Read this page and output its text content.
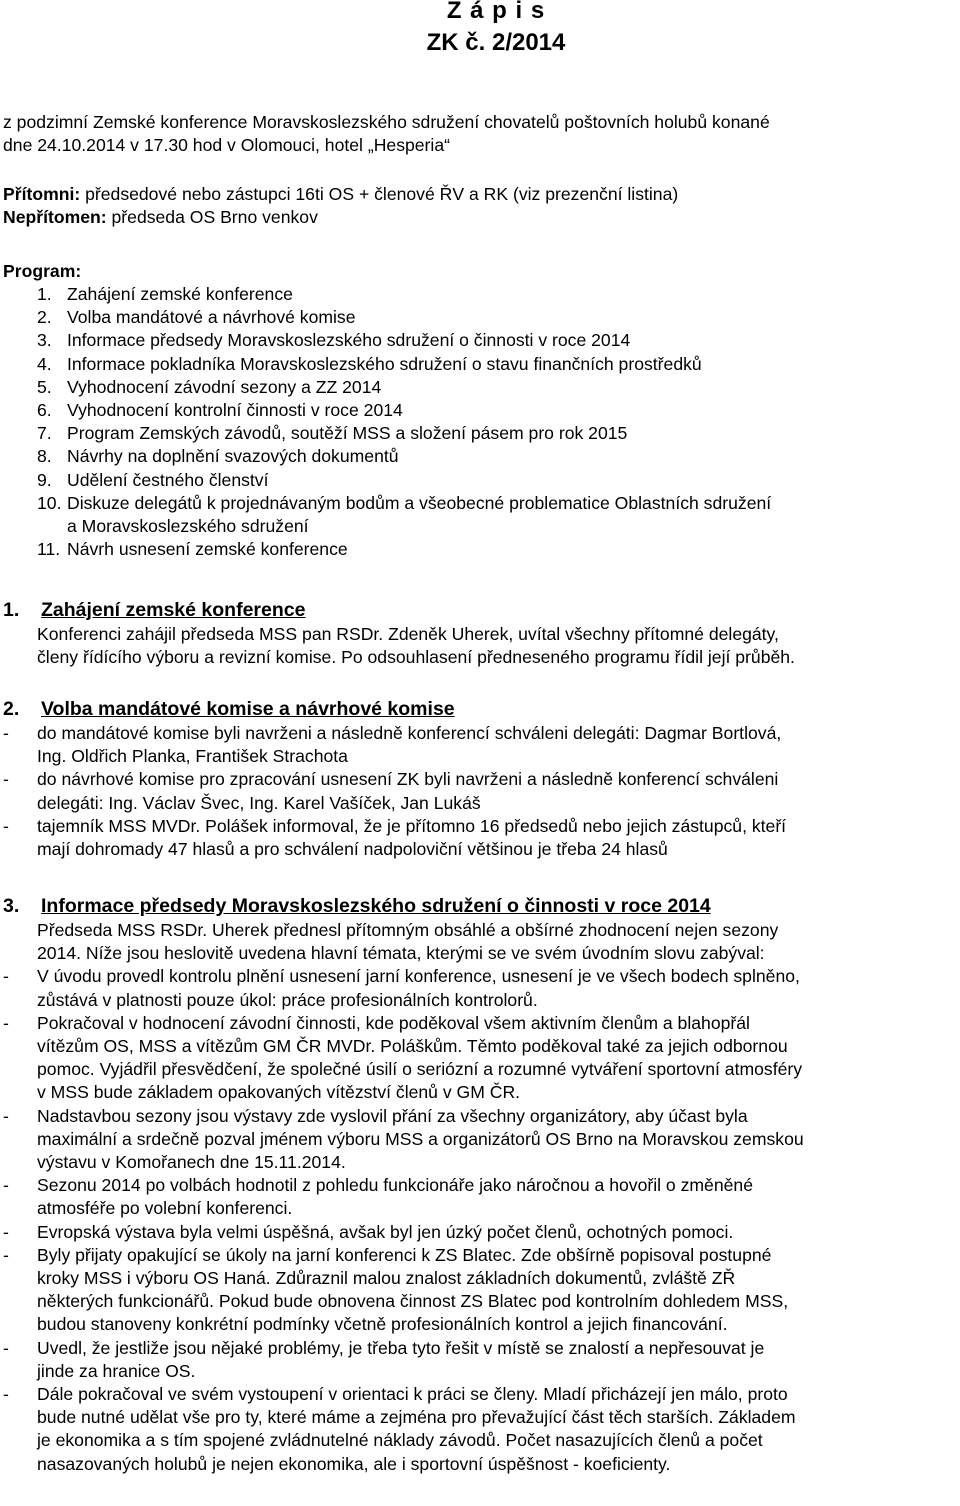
Z á p i s
ZK č. 2/2014
z podzimní Zemské konference Moravskoslezského sdružení chovatelů poštovních holubů konané
dne 24.10.2014 v 17.30 hod v Olomouci, hotel „Hesperia“
Přítomni: předsedové nebo zástupci 16ti OS + členové ŘV a RK (viz prezenční listina)
Nepřítomen: předseda OS Brno venkov
Program:
1. Zahájení zemské konference
2. Volba mandátové a návrhové komise
3. Informace předsedy Moravskoslezského sdružení o činnosti v roce 2014
4. Informace pokladníka Moravskoslezského sdružení o stavu finančních prostředků
5. Vyhodnocení závodní sezony a ZZ 2014
6. Vyhodnocení kontrolní činnosti v roce 2014
7. Program Zemských závodů, soutěží MSS a složení pásem pro rok 2015
8. Návrhy na doplnění svazových dokumentů
9. Udělení čestného členství
10. Diskuze delegátů k projednávaným bodům a všeobecné problematice Oblastních sdružení
a Moravskoslezského sdružení
11. Návrh usnesení zemské konference
1. Zahájení zemské konference
Konferenci zahájil předseda MSS pan RSDr. Zdeněk Uherek, uvítal všechny přítomné delegáty,
členy řídícího výboru a revizní komise. Po odsouhlasení předneseného programu řídil její průběh.
2. Volba mandátové komise a návrhové komise
- do mandátové komise byli navrženi a následně konferencí schváleni delegáti: Dagmar Bortlová,
Ing. Oldřich Planka, František Strachota
- do návrhové komise pro zpracování usnesení ZK byli navrženi a následně konferencí schváleni
delegáti: Ing. Václav Švec, Ing. Karel Vašíček, Jan Lukáš
- tajemník MSS MVDr. Polášek informoval, že je přítomno 16 předsedů nebo jejich zástupců, kteří
mají dohromady 47 hlasů a pro schválení nadpoloviční většinou je třeba 24 hlasů
3. Informace předsedy Moravskoslezského sdružení o činnosti v roce 2014
Předseda MSS RSDr. Uherek přednesl přítomným obsáhlé a obšírné zhodnocení nejen sezony
2014. Níže jsou heslovitě uvedena hlavní témata, kterými se ve svém úvodním slovu zabýval:
- V úvodu provedl kontrolu plnění usnesení jarní konference, usnesení je ve všech bodech splněno,
zůstává v platnosti pouze úkol: práce profesionálních kontrolorů.
- Pokračoval v hodnocení závodní činnosti, kde poděkoval všem aktivním členům a blahopřál
vítězům OS, MSS a vítězům GM ČR MVDr. Poláškům. Těmto poděkoval také za jejich odbornou
pomoc. Vyjádřil přesvědčení, že společné úsilí o seriózní a rozumné vytváření sportovní atmosféry
v MSS bude základem opakovaných vítězství členů v GM ČR.
- Nadstavbou sezony jsou výstavy zde vyslovil přání za všechny organizátory, aby účast byla
maximální a srdečně pozval jménem výboru MSS a organizátorů OS Brno na Moravskou zemskou
výstavu v Komořanech dne 15.11.2014.
- Sezonu 2014 po volbách hodnotil z pohledu funkcionáře jako náročnou a hovořil o změněné
atmosféře po volební konferenci.
- Evropská výstava byla velmi úspěšná, avšak byl jen úzký počet členů, ochotných pomoci.
- Byly přijaty opakující se úkoly na jarní konferenci k ZS Blatec. Zde obšírně popisoval postupné
kroky MSS i výboru OS Haná. Zdůraznil malou znalost základních dokumentů, zvláště ZŘ
některých funkcionářů. Pokud bude obnovena činnost ZS Blatec pod kontrolním dohledem MSS,
budou stanoveny konkrétní podmínky včetně profesionálních kontrol a jejich financování.
- Uvedl, že jestliže jsou nějaké problémy, je třeba tyto řešit v místě se znalostí a nepřesouvat je
jinde za hranice OS.
- Dále pokračoval ve svém vystoupení v orientaci k práci se členy. Mladí přicházejí jen málo, proto
bude nutné udělat vše pro ty, které máme a zejména pro převažující část těch starších. Základem
je ekonomika a s tím spojené zvládnutelné náklady závodů. Počet nasazujících členů a počet
nasazovaných holubů je nejen ekonomika, ale i sportovní úspěšnost - koeficienty.
